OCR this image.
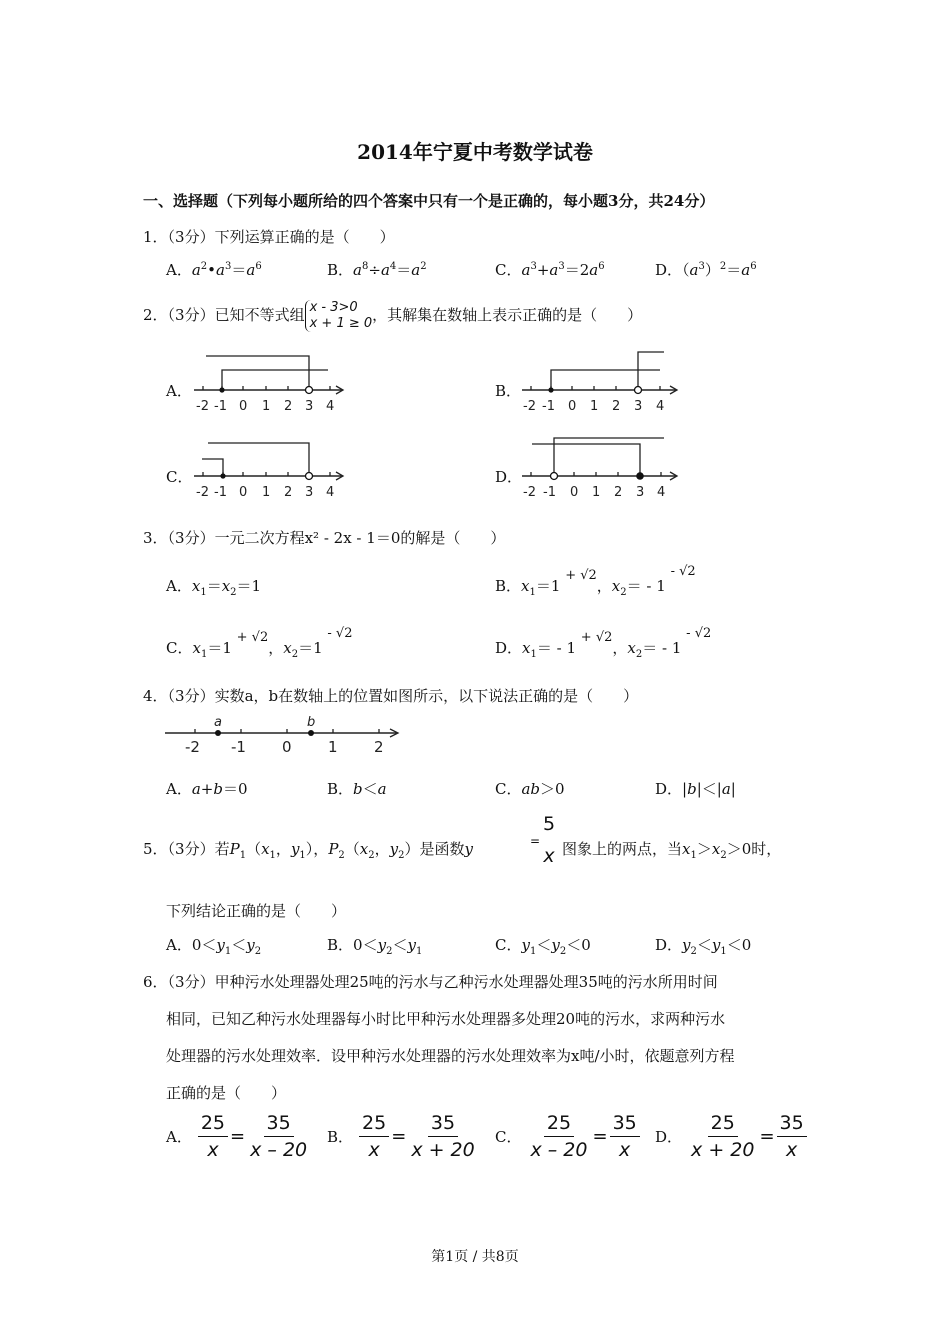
2014年宁夏中考数学试卷
一、选择题（下列每小题所给的四个答案中只有一个是正确的，每小题3分，共24分）
1．（3分）下列运算正确的是（　　）
A．$a^2•a^3=a^6$	B．$a^8\div a^4=a^2$	C．$a^3+a^3=2a^6$	D．$(a^3)^2=a^6$
2．（3分）已知不等式组 x - 3>0
x + 1 ≥ 0，其解集在数轴上表示正确的是（　　）
A．
-2 -1 0 1 2 3 4
B．
-2 -1 0 1 2 3 4
C．
-2 -1 0 1 2 3 4
D．
-2 -1 0 1 2 3 4
3．（3分）一元二次方程x² - 2x - 1＝0的解是（　　）
A．$x_1=x_2=1$	B．$x_1=1 + √2$，$x_2= - 1 - √2$
C．$x_1=1 + √2$，$x_2=1 - √2$
D．$x_1= - 1 + √2$，$x_2= - 1 - √2$
4．（3分）实数a，b在数轴上的位置如图所示，以下说法正确的是（　　）
a	b
-2 -1 0 1 2
A．a+b＝0	B．b＜a	C．ab＞0	D．|b|＜|a|
5．（3分）若$P_1(x_1$，$y_1$），$P_2(x_2$，$y_2$）是函数y	=
5
x 图象上的两点，当$x_1>x_2>0$时，
下列结论正确的是（　　）
A．$0<y_1<y_2$	B．$0<y_2<y_1$	C．$y_1<y_2<0$	D．$y_2<y_1<0$
6．（3分）甲种污水处理器处理25吨的污水与乙种污水处理器处理35吨的污水所用时间
相同，已知乙种污水处理器每小时比甲种污水处理器多处理20吨的污水，求两种污水
处理器的污水处理效率．设甲种污水处理器的污水处理效率为x吨/小时，依题意列方程
正确的是（　　）
A． $\frac{25}{x} = \frac{35}{x - 20}$ B． $\frac{25}{x} = \frac{35}{x + 20}$ C． $\frac{25}{x - 20} = \frac{35}{x}$ D． $\frac{25}{x + 20} = \frac{35}{x}$
第1页 / 共8页
